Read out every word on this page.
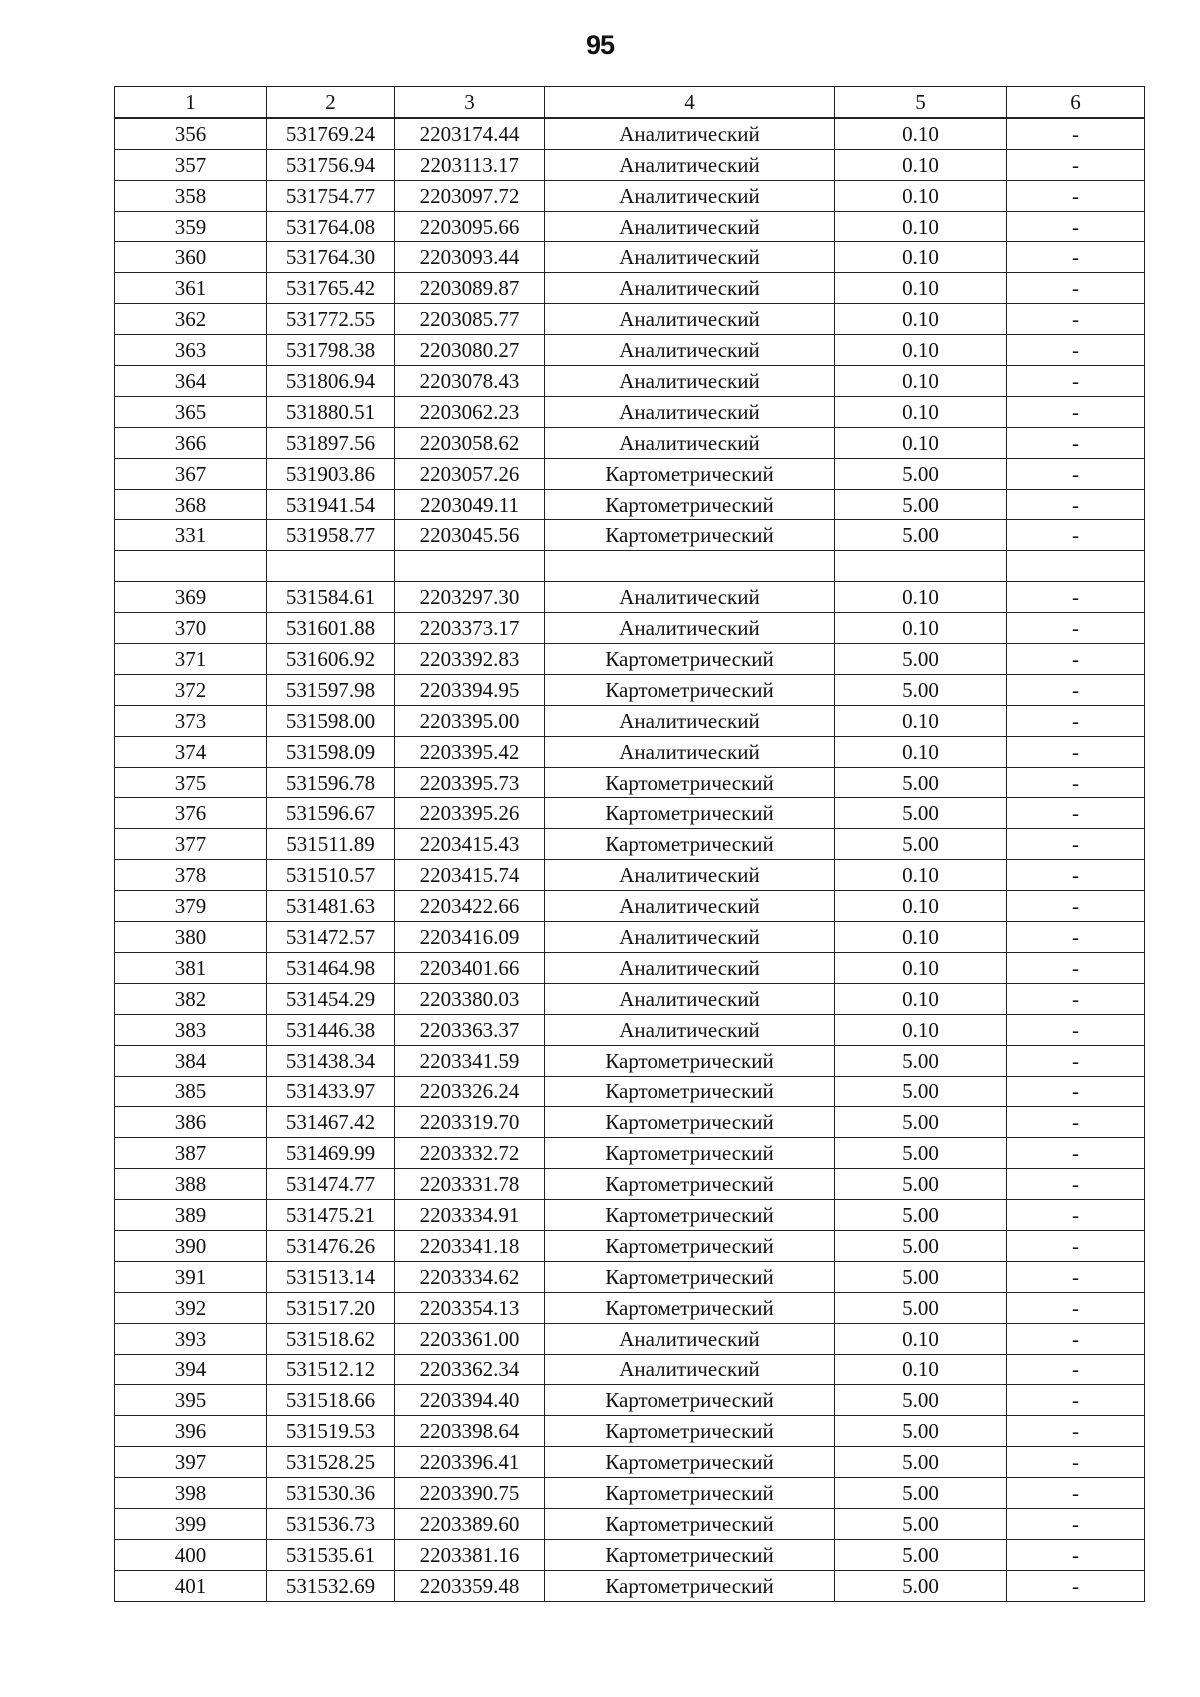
95
1	2	3	4	5	6
356	531769.24	2203174.44	Аналитический	0.10	-
357	531756.94	2203113.17	Аналитический	0.10	-
358	531754.77	2203097.72	Аналитический	0.10	-
359	531764.08	2203095.66	Аналитический	0.10	-
360	531764.30	2203093.44	Аналитический	0.10	-
361	531765.42	2203089.87	Аналитический	0.10	-
362	531772.55	2203085.77	Аналитический	0.10	-
363	531798.38	2203080.27	Аналитический	0.10	-
364	531806.94	2203078.43	Аналитический	0.10	-
365	531880.51	2203062.23	Аналитический	0.10	-
366	531897.56	2203058.62	Аналитический	0.10	-
367	531903.86	2203057.26	Картометрический	5.00	-
368	531941.54	2203049.11	Картометрический	5.00	-
331	531958.77	2203045.56	Картометрический	5.00	-

369	531584.61	2203297.30	Аналитический	0.10	-
370	531601.88	2203373.17	Аналитический	0.10	-
371	531606.92	2203392.83	Картометрический	5.00	-
372	531597.98	2203394.95	Картометрический	5.00	-
373	531598.00	2203395.00	Аналитический	0.10	-
374	531598.09	2203395.42	Аналитический	0.10	-
375	531596.78	2203395.73	Картометрический	5.00	-
376	531596.67	2203395.26	Картометрический	5.00	-
377	531511.89	2203415.43	Картометрический	5.00	-
378	531510.57	2203415.74	Аналитический	0.10	-
379	531481.63	2203422.66	Аналитический	0.10	-
380	531472.57	2203416.09	Аналитический	0.10	-
381	531464.98	2203401.66	Аналитический	0.10	-
382	531454.29	2203380.03	Аналитический	0.10	-
383	531446.38	2203363.37	Аналитический	0.10	-
384	531438.34	2203341.59	Картометрический	5.00	-
385	531433.97	2203326.24	Картометрический	5.00	-
386	531467.42	2203319.70	Картометрический	5.00	-
387	531469.99	2203332.72	Картометрический	5.00	-
388	531474.77	2203331.78	Картометрический	5.00	-
389	531475.21	2203334.91	Картометрический	5.00	-
390	531476.26	2203341.18	Картометрический	5.00	-
391	531513.14	2203334.62	Картометрический	5.00	-
392	531517.20	2203354.13	Картометрический	5.00	-
393	531518.62	2203361.00	Аналитический	0.10	-
394	531512.12	2203362.34	Аналитический	0.10	-
395	531518.66	2203394.40	Картометрический	5.00	-
396	531519.53	2203398.64	Картометрический	5.00	-
397	531528.25	2203396.41	Картометрический	5.00	-
398	531530.36	2203390.75	Картометрический	5.00	-
399	531536.73	2203389.60	Картометрический	5.00	-
400	531535.61	2203381.16	Картометрический	5.00	-
401	531532.69	2203359.48	Картометрический	5.00	-
